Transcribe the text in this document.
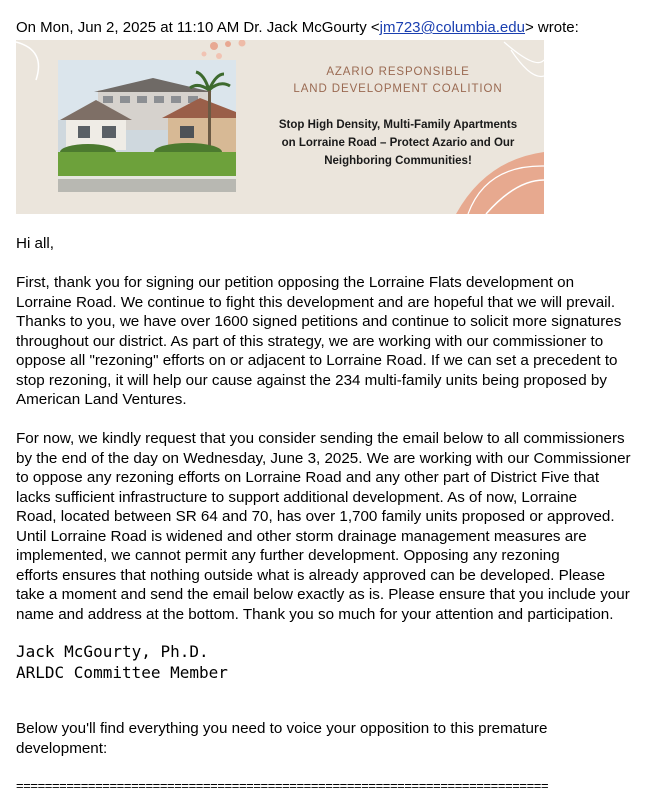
On Mon, Jun 2, 2025 at 11:10 AM Dr. Jack McGourty <jm723@columbia.edu> wrote:
AZARIO RESPONSIBLE
LAND DEVELOPMENT COALITION
Stop High Density, Multi-Family Apartments
on Lorraine Road – Protect Azario and Our
Neighboring Communities!
Hi all,
First, thank you for signing our petition opposing the Lorraine Flats development on
Lorraine Road. We continue to fight this development and are hopeful that we will prevail.
Thanks to you, we have over 1600 signed petitions and continue to solicit more signatures
throughout our district. As part of this strategy, we are working with our commissioner to
oppose all "rezoning" efforts on or adjacent to Lorraine Road. If we can set a precedent to
stop rezoning, it will help our cause against the 234 multi-family units being proposed by
American Land Ventures.
For now, we kindly request that you consider sending the email below to all commissioners
by the end of the day on Wednesday, June 3, 2025. We are working with our Commissioner
to oppose any rezoning efforts on Lorraine Road and any other part of District Five that
lacks sufficient infrastructure to support additional development. As of now, Lorraine
Road, located between SR 64 and 70, has over 1,700 family units proposed or approved.
Until Lorraine Road is widened and other storm drainage management measures are
implemented, we cannot permit any further development. Opposing any rezoning
efforts ensures that nothing outside what is already approved can be developed. Please
take a moment and send the email below exactly as is. Please ensure that you include your
name and address at the bottom. Thank you so much for your attention and participation.
Jack McGourty, Ph.D.
ARLDC Committee Member
Below you'll find everything you need to voice your opposition to this premature
development:
==========================================================================
